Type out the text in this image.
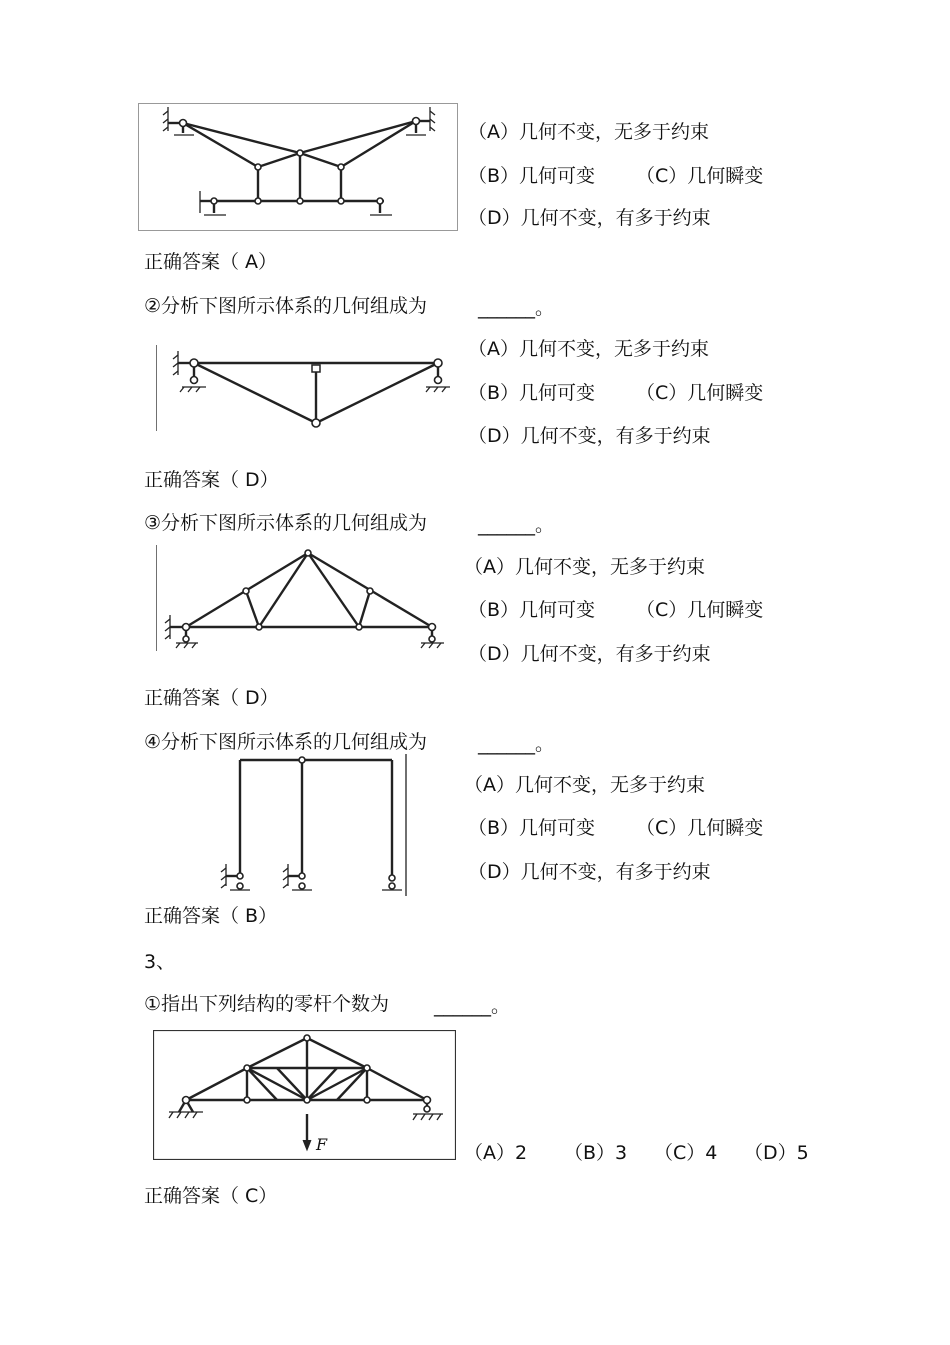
（A）几何不变，无多于约束
（B）几何可变 （C）几何瞬变
（D）几何不变，有多于约束
正确答案（ A）
②分析下图所示体系的几何组成为	______。
（A）几何不变，无多于约束
（B）几何可变 （C）几何瞬变
（D）几何不变，有多于约束
正确答案（ D）
③分析下图所示体系的几何组成为	______。
（A）几何不变，无多于约束
（B）几何可变 （C）几何瞬变
（D）几何不变，有多于约束
正确答案（ D）
④分析下图所示体系的几何组成为	______。
（A）几何不变，无多于约束
（B）几何可变 （C）几何瞬变
（D）几何不变，有多于约束
正确答案（ B）
3、
①指出下列结构的零杆个数为 ______。
F	（A）2 （B）3 （C）4 （D）5
正确答案（ C）
